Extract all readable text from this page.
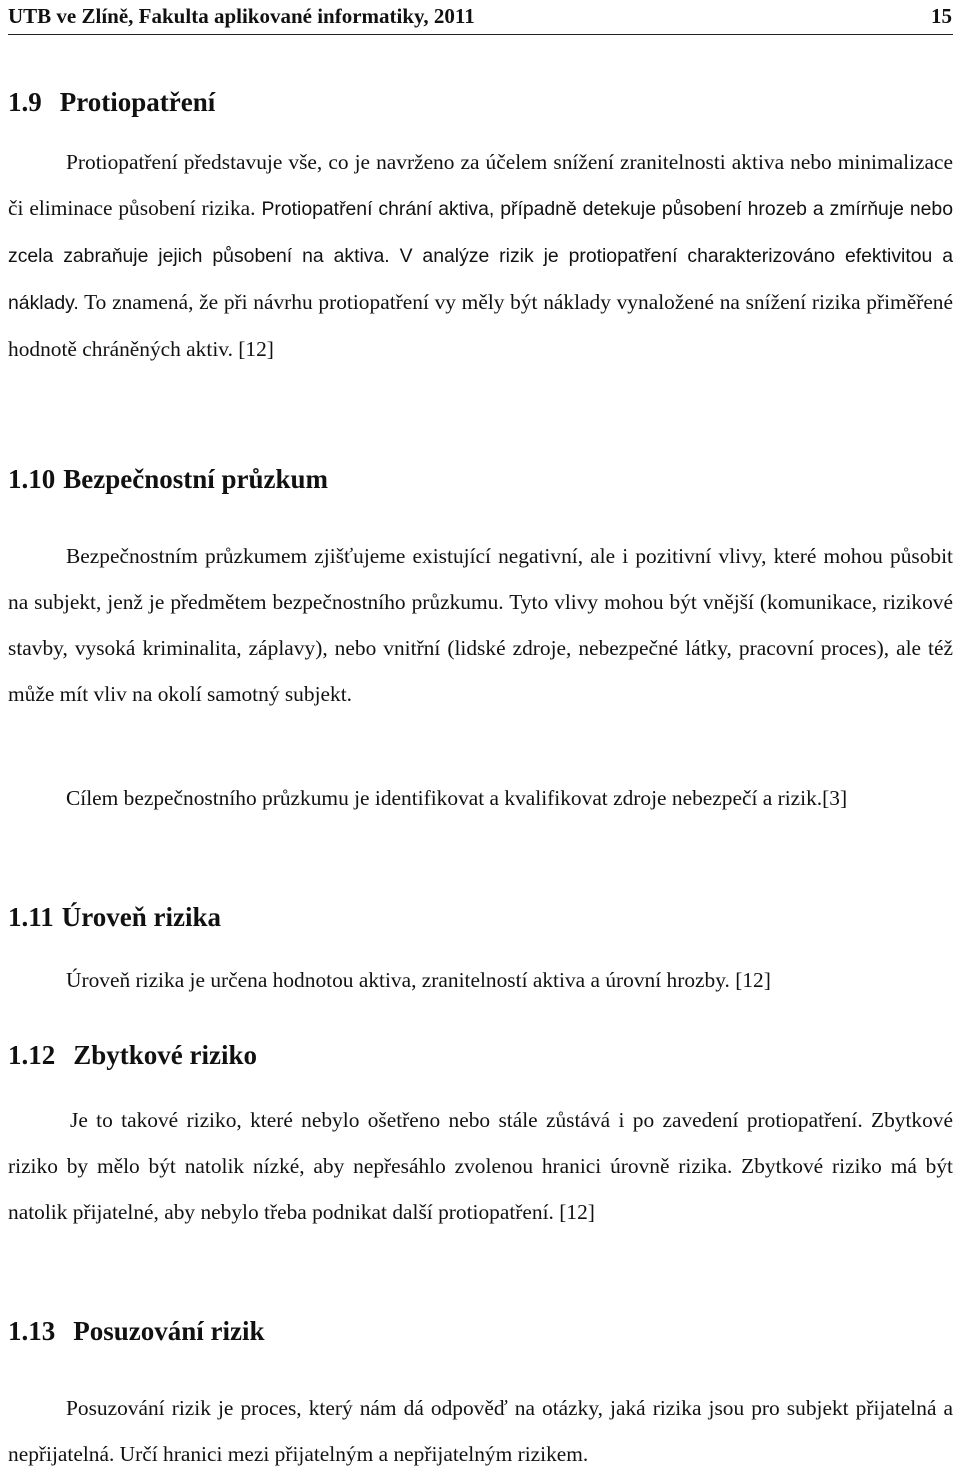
UTB ve Zlíně, Fakulta aplikované informatiky, 2011	15
1.9 Protiopatření

Protiopatření představuje vše, co je navrženo za účelem snížení zranitelnosti aktiva nebo minimalizace či eliminace působení rizika. Protiopatření chrání aktiva, případně detekuje působení hrozeb a zmírňuje nebo zcela zabraňuje jejich působení na aktiva. V analýze rizik je protiopatření charakterizováno efektivitou a náklady. To znamená, že při návrhu protiopatření vy měly být náklady vynaložené na snížení rizika přiměřené hodnotě chráněných aktiv. [12]

1.10 Bezpečnostní průzkum

Bezpečnostním průzkumem zjišťujeme existující negativní, ale i pozitivní vlivy, které mohou působit na subjekt, jenž je předmětem bezpečnostního průzkumu. Tyto vlivy mohou být vnější (komunikace, rizikové stavby, vysoká kriminalita, záplavy), nebo vnitřní (lidské zdroje, nebezpečné látky, pracovní proces), ale též může mít vliv na okolí samotný subjekt.

Cílem bezpečnostního průzkumu je identifikovat a kvalifikovat zdroje nebezpečí a rizik.[3]

1.11 Úroveň rizika

Úroveň rizika je určena hodnotou aktiva, zranitelností aktiva a úrovní hrozby. [12]

1.12 Zbytkové riziko

Je to takové riziko, které nebylo ošetřeno nebo stále zůstává i po zavedení protiopatření. Zbytkové riziko by mělo být natolik nízké, aby nepřesáhlo zvolenou hranici úrovně rizika. Zbytkové riziko má být natolik přijatelné, aby nebylo třeba podnikat další protiopatření. [12]

1.13 Posuzování rizik

Posuzování rizik je proces, který nám dá odpověď na otázky, jaká rizika jsou pro subjekt přijatelná a nepřijatelná. Určí hranici mezi přijatelným a nepřijatelným rizikem.
